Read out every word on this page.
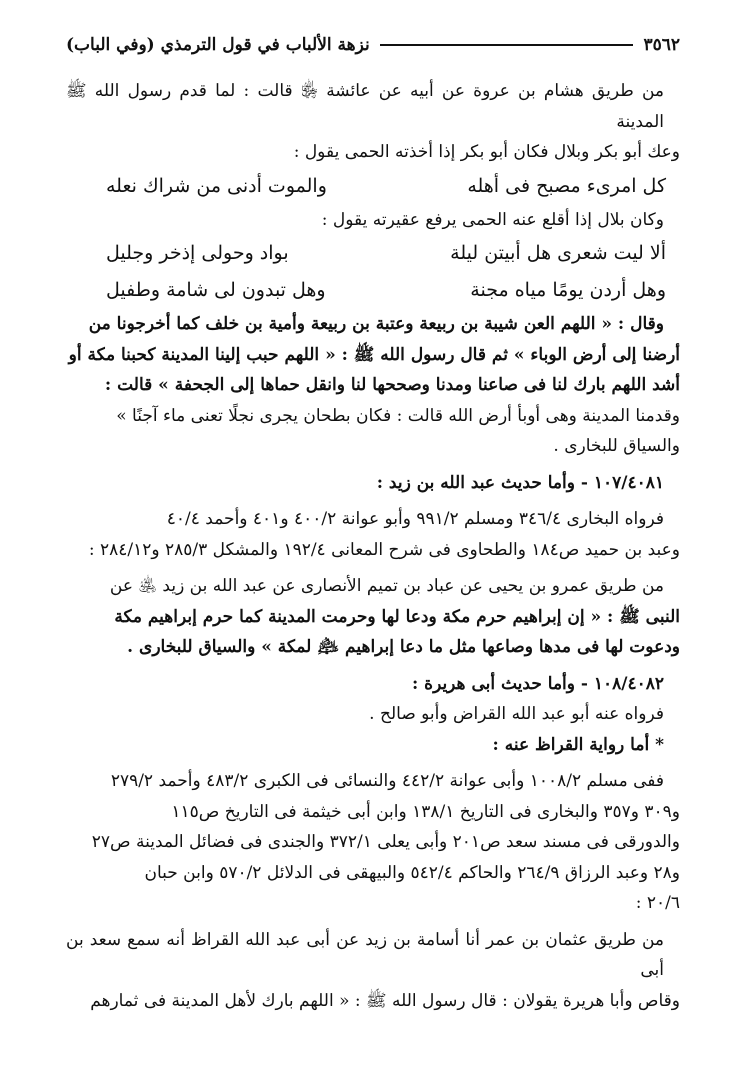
٣٥٦٢
نزهة الألباب في قول الترمذي (وفي الباب)

من طريق هشام بن عروة عن أبيه عن عائشة ﵂ قالت : لما قدم رسول الله ﷺ المدينة

وعك أبو بكر وبلال فكان أبو بكر إذا أخذته الحمى يقول :

كل امرىء مصبح فى أهله
والموت أدنى من شراك نعله

وكان بلال إذا أقلع عنه الحمى يرفع عقيرته يقول :

ألا ليت شعرى هل أبيتن ليلة
بواد وحولى إذخر وجليل
وهل أردن يومًا مياه مجنة
وهل تبدون لى شامة وطفيل

وقال : « اللهم العن شيبة بن ربيعة وعتبة بن ربيعة وأمية بن خلف كما أخرجونا من

أرضنا إلى أرض الوباء » ثم قال رسول الله ﷺ : « اللهم حبب إلينا المدينة كحبنا مكة أو

أشد اللهم بارك لنا فى صاعنا ومدنا وصححها لنا وانقل حماها إلى الجحفة » قالت :

وقدمنا المدينة وهى أوبأ أرض الله قالت : فكان بطحان يجرى نجلًا تعنى ماء آجنًا »

والسياق للبخارى .

١٠٧/٤٠٨١ - وأما حديث عبد الله بن زيد :

فرواه البخارى ٣٤٦/٤ ومسلم ٩٩١/٢ وأبو عوانة ٤٠٠/٢ و٤٠١ وأحمد ٤٠/٤

وعبد بن حميد ص١٨٤ والطحاوى فى شرح المعانى ١٩٢/٤ والمشكل ٢٨٥/٣ و٢٨٤/١٢ :

من طريق عمرو بن يحيى عن عباد بن تميم الأنصارى عن عبد الله بن زيد ﵁ عن

النبى ﷺ : « إن إبراهيم حرم مكة ودعا لها وحرمت المدينة كما حرم إبراهيم مكة

ودعوت لها فى مدها وصاعها مثل ما دعا إبراهيم ﵇ لمكة » والسياق للبخارى .

١٠٨/٤٠٨٢ - وأما حديث أبى هريرة :

فرواه عنه أبو عبد الله القراض وأبو صالح .

* أما رواية القراظ عنه :

ففى مسلم ١٠٠٨/٢ وأبى عوانة ٤٤٢/٢ والنسائى فى الكبرى ٤٨٣/٢ وأحمد ٢٧٩/٢

و٣٠٩ و٣٥٧ والبخارى فى التاريخ ١٣٨/١ وابن أبى خيثمة فى التاريخ ص١١٥

والدورقى فى مسند سعد ص٢٠١ وأبى يعلى ٣٧٢/١ والجندى فى فضائل المدينة ص٢٧

و٢٨ وعبد الرزاق ٢٦٤/٩ والحاكم ٥٤٢/٤ والبيهقى فى الدلائل ٥٧٠/٢ وابن حبان

٢٠/٦ :

من طريق عثمان بن عمر أنا أسامة بن زيد عن أبى عبد الله القراظ أنه سمع سعد بن أبى

وقاص وأبا هريرة يقولان : قال رسول الله ﷺ : « اللهم بارك لأهل المدينة فى ثمارهم
